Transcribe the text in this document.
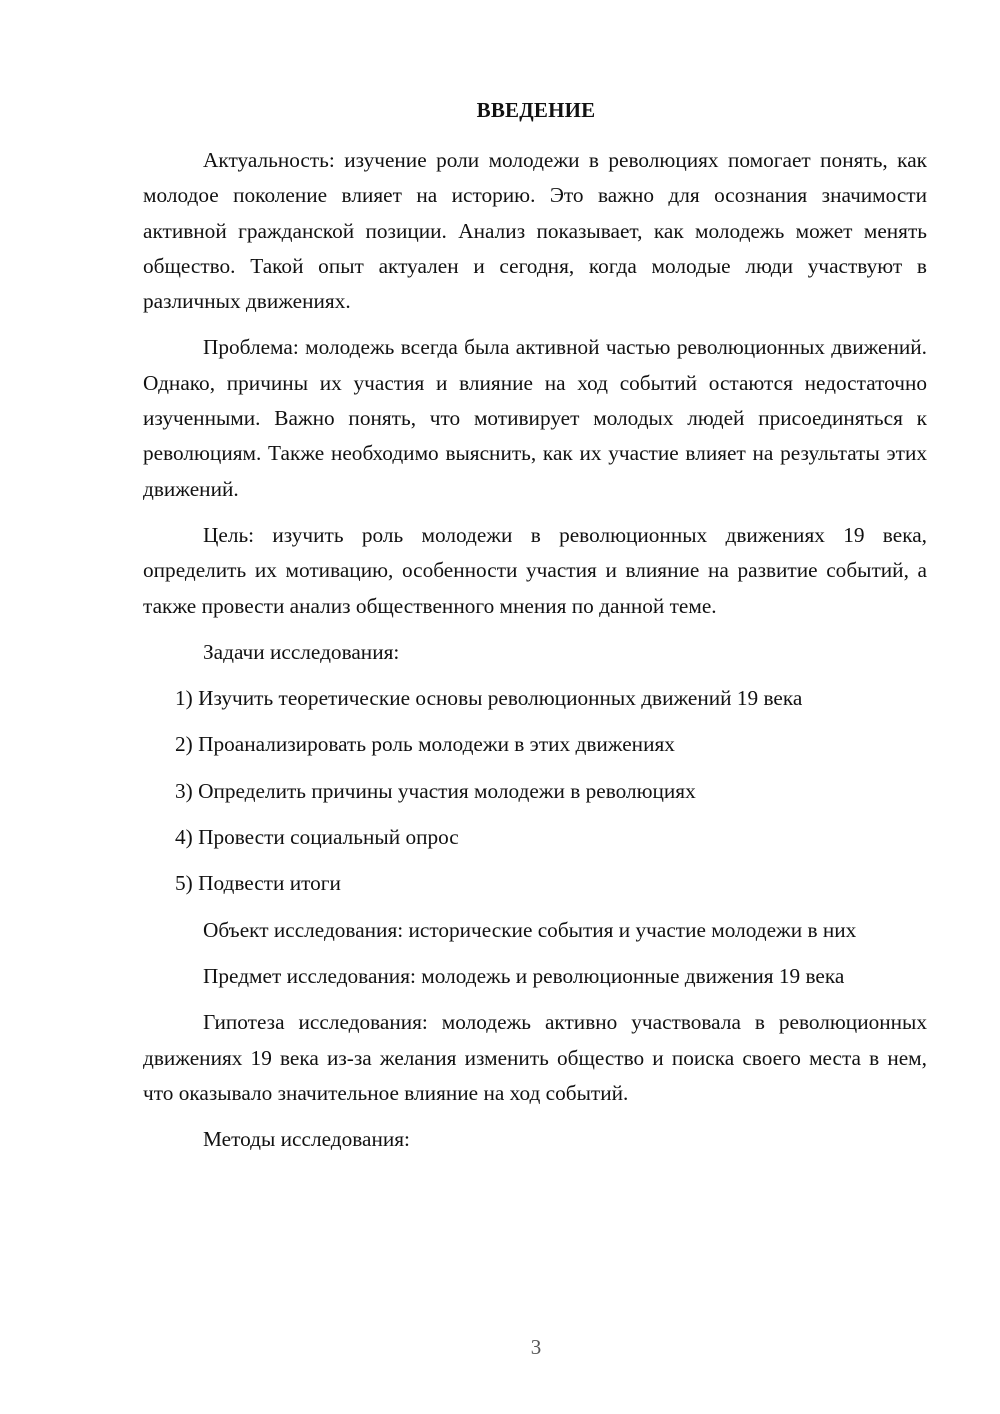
ВВЕДЕНИЕ

Актуальность: изучение роли молодежи в революциях помогает понять, как молодое поколение влияет на историю. Это важно для осознания значимости активной гражданской позиции. Анализ показывает, как молодежь может менять общество. Такой опыт актуален и сегодня, когда молодые люди участвуют в различных движениях.

Проблема: молодежь всегда была активной частью революционных движений. Однако, причины их участия и влияние на ход событий остаются недостаточно изученными. Важно понять, что мотивирует молодых людей присоединяться к революциям. Также необходимо выяснить, как их участие влияет на результаты этих движений.

Цель: изучить роль молодежи в революционных движениях 19 века, определить их мотивацию, особенности участия и влияние на развитие событий, а также провести анализ общественного мнения по данной теме.

Задачи исследования:

1) Изучить теоретические основы революционных движений 19 века

2) Проанализировать роль молодежи в этих движениях

3) Определить причины участия молодежи в революциях

4) Провести социальный опрос

5) Подвести итоги

Объект исследования: исторические события и участие молодежи в них

Предмет исследования: молодежь и революционные движения 19 века

Гипотеза исследования: молодежь активно участвовала в революционных движениях 19 века из-за желания изменить общество и поиска своего места в нем, что оказывало значительное влияние на ход событий.

Методы исследования:

3
